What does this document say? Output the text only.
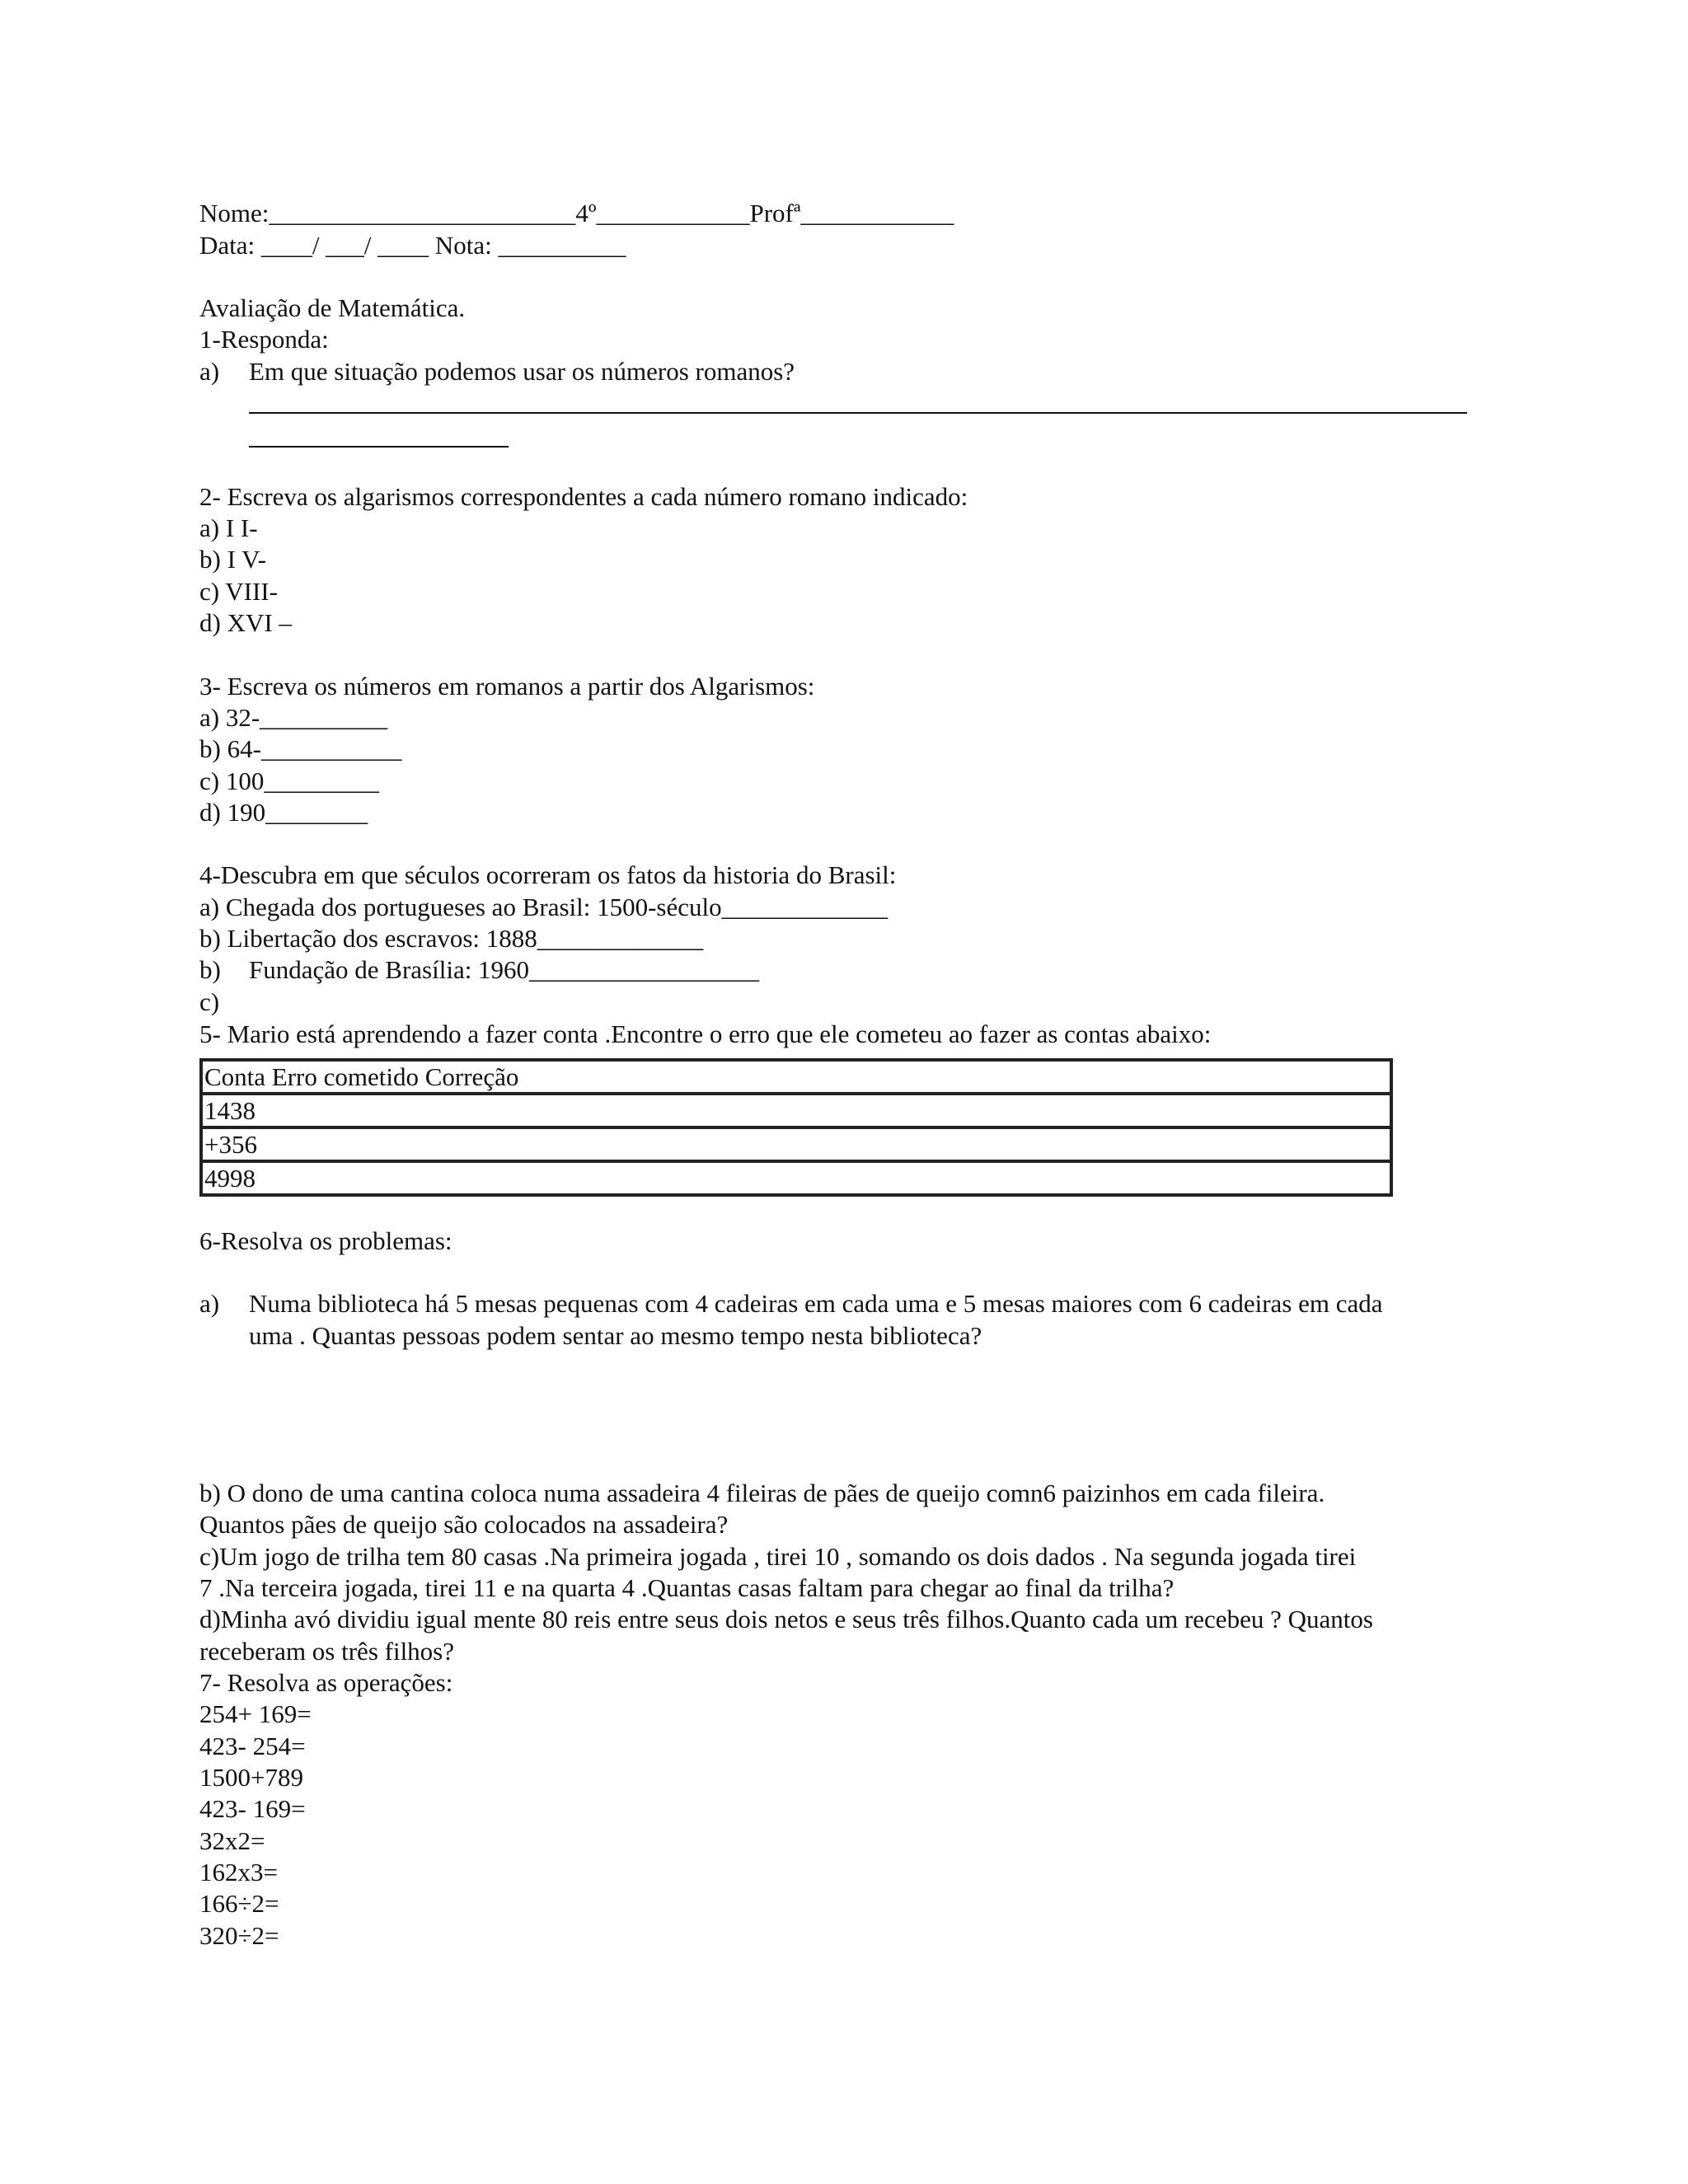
Nome:________________________4º____________Profª____________
Data: ____/ ___/ ____ Nota: __________
Avaliação de Matemática.
1-Responda:
a) Em que situação podemos usar os números romanos?
2- Escreva os algarismos correspondentes a cada número romano indicado:
a) I I-
b) I V-
c) VIII-
d) XVI –
3- Escreva os números em romanos a partir dos Algarismos:
a) 32-__________
b) 64-___________
c) 100_________
d) 190________
4-Descubra em que séculos ocorreram os fatos da historia do Brasil:
a) Chegada dos portugueses ao Brasil: 1500-século_____________
b) Libertação dos escravos: 1888_____________
b) Fundação de Brasília: 1960__________________
c)
5- Mario está aprendendo a fazer conta .Encontre o erro que ele cometeu ao fazer as contas abaixo:
Conta Erro cometido Correção
1438
+356
4998
6-Resolva os problemas:
a) Numa biblioteca há 5 mesas pequenas com 4 cadeiras em cada uma e 5 mesas maiores com 6 cadeiras em cada
uma . Quantas pessoas podem sentar ao mesmo tempo nesta biblioteca?
b) O dono de uma cantina coloca numa assadeira 4 fileiras de pães de queijo comn6 paizinhos em cada fileira.
Quantos pães de queijo são colocados na assadeira?
c)Um jogo de trilha tem 80 casas .Na primeira jogada , tirei 10 , somando os dois dados . Na segunda jogada tirei
7 .Na terceira jogada, tirei 11 e na quarta 4 .Quantas casas faltam para chegar ao final da trilha?
d)Minha avó dividiu igual mente 80 reis entre seus dois netos e seus três filhos.Quanto cada um recebeu ? Quantos
receberam os três filhos?
7- Resolva as operações:
254+ 169=
423- 254=
1500+789
423- 169=
32x2=
162x3=
166÷2=
320÷2=
